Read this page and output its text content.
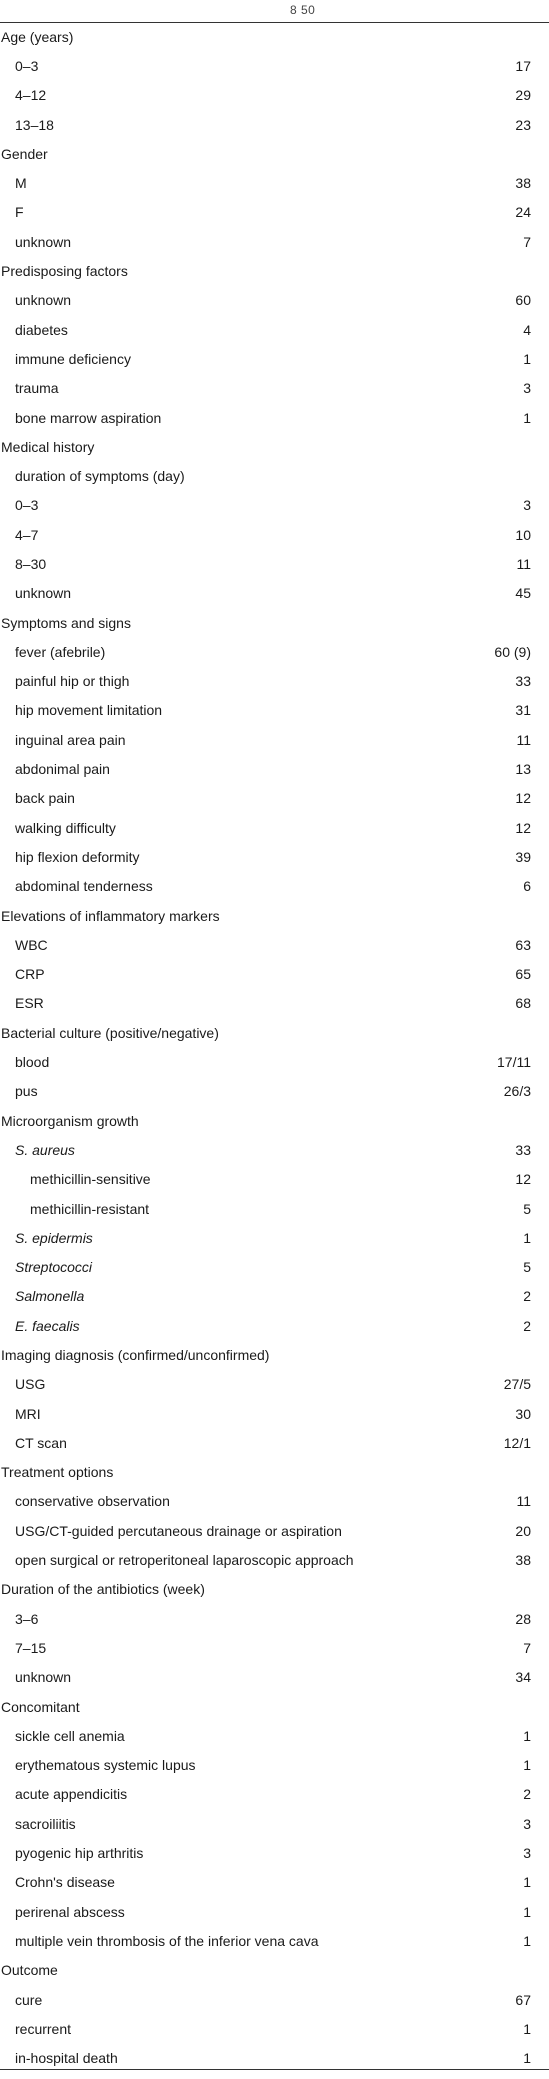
8 50
Age (years)
0–3	17
4–12	29
13–18	23
Gender
M	38
F	24
unknown	7
Predisposing factors
unknown	60
diabetes	4
immune deficiency	1
trauma	3
bone marrow aspiration	1
Medical history
duration of symptoms (day)
0–3	3
4–7	10
8–30	11
unknown	45
Symptoms and signs
fever (afebrile)	60 (9)
painful hip or thigh	33
hip movement limitation	31
inguinal area pain	11
abdonimal pain	13
back pain	12
walking difficulty	12
hip flexion deformity	39
abdominal tenderness	6
Elevations of inflammatory markers
WBC	63
CRP	65
ESR	68
Bacterial culture (positive/negative)
blood	17/11
pus	26/3
Microorganism growth
S. aureus	33
methicillin-sensitive	12
methicillin-resistant	5
S. epidermis	1
Streptococci	5
Salmonella	2
E. faecalis	2
Imaging diagnosis (confirmed/unconfirmed)
USG	27/5
MRI	30
CT scan	12/1
Treatment options
conservative observation	11
USG/CT-guided percutaneous drainage or aspiration	20
open surgical or retroperitoneal laparoscopic approach	38
Duration of the antibiotics (week)
3–6	28
7–15	7
unknown	34
Concomitant
sickle cell anemia	1
erythematous systemic lupus	1
acute appendicitis	2
sacroiliitis	3
pyogenic hip arthritis	3
Crohn's disease	1
perirenal abscess	1
multiple vein thrombosis of the inferior vena cava	1
Outcome
cure	67
recurrent	1
in-hospital death	1
